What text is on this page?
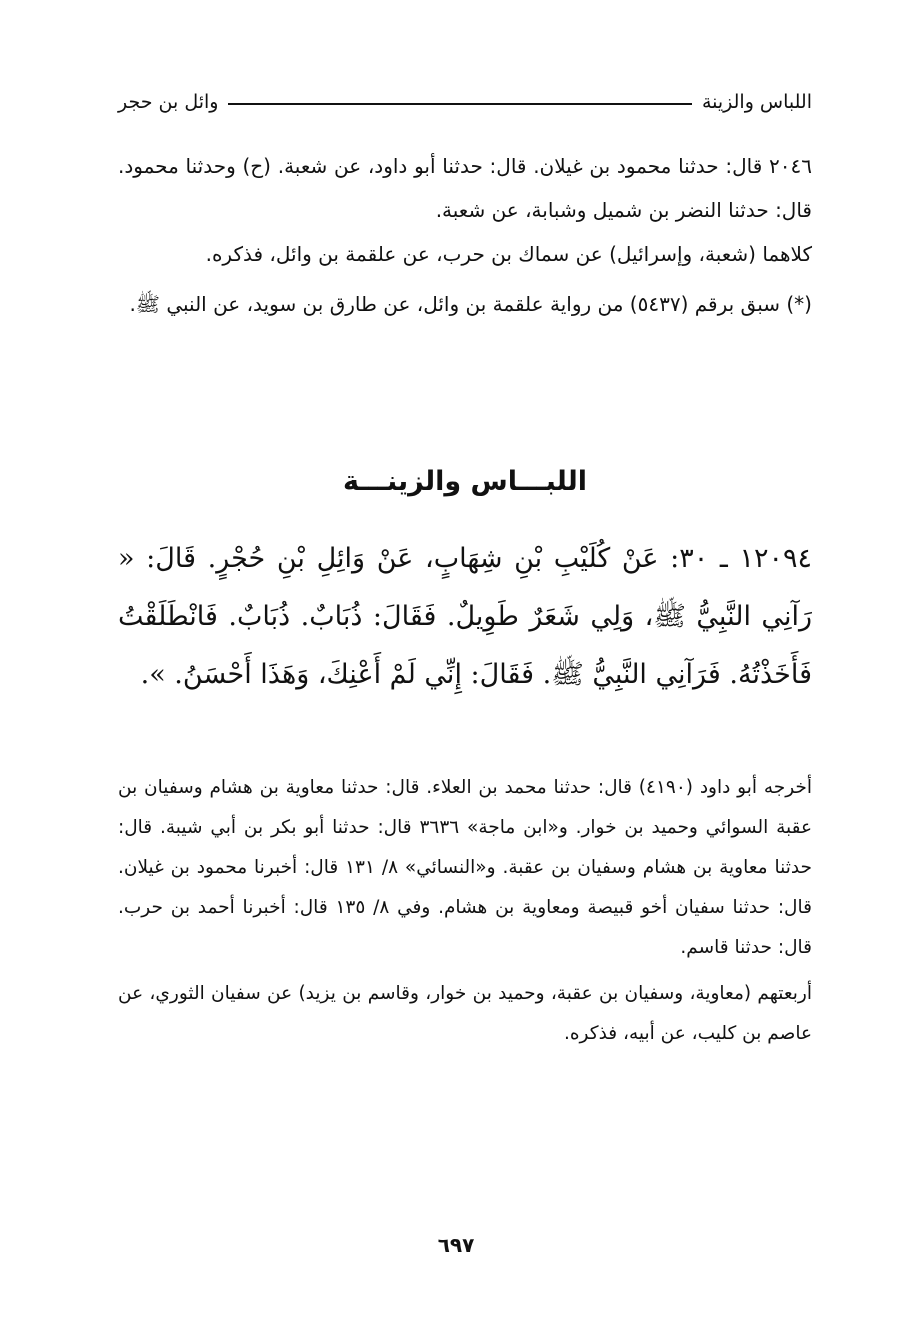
اللباس والزينة
وائل بن حجر

٢٠٤٦ قال: حدثنا محمود بن غيلان. قال: حدثنا أبو داود، عن شعبة. (ح) وحدثنا محمود. قال: حدثنا النضر بن شميل وشبابة، عن شعبة.

كلاهما (شعبة، وإسرائيل) عن سماك بن حرب، عن علقمة بن وائل، فذكره.

(*) سبق برقم (٥٤٣٧) من رواية علقمة بن وائل، عن طارق بن سويد، عن النبي ﷺ.

اللبـــاس والزينـــة

١٢٠٩٤ ـ ٣٠: عَنْ كُلَيْبِ بْنِ شِهَابٍ، عَنْ وَائِلِ بْنِ حُجْرٍ. قَالَ: « رَآنِي النَّبِيُّ ﷺ، وَلِي شَعَرٌ طَوِيلٌ. فَقَالَ: ذُبَابٌ. ذُبَابٌ. فَانْطَلَقْتُ فَأَخَذْتُهُ. فَرَآنِي النَّبِيُّ ﷺ. فَقَالَ: إِنِّي لَمْ أَعْنِكَ، وَهَذَا أَحْسَنُ. ».

أخرجه أبو داود (٤١٩٠) قال: حدثنا محمد بن العلاء. قال: حدثنا معاوية بن هشام وسفيان بن عقبة السوائي وحميد بن خوار. و«ابن ماجة» ٣٦٣٦ قال: حدثنا أبو بكر بن أبي شيبة. قال: حدثنا معاوية بن هشام وسفيان بن عقبة. و«النسائي» ٨/ ١٣١ قال: أخبرنا محمود بن غيلان. قال: حدثنا سفيان أخو قبيصة ومعاوية بن هشام. وفي ٨/ ١٣٥ قال: أخبرنا أحمد بن حرب. قال: حدثنا قاسم.

أربعتهم (معاوية، وسفيان بن عقبة، وحميد بن خوار، وقاسم بن يزيد) عن سفيان الثوري، عن عاصم بن كليب، عن أبيه، فذكره.

٦٩٧
